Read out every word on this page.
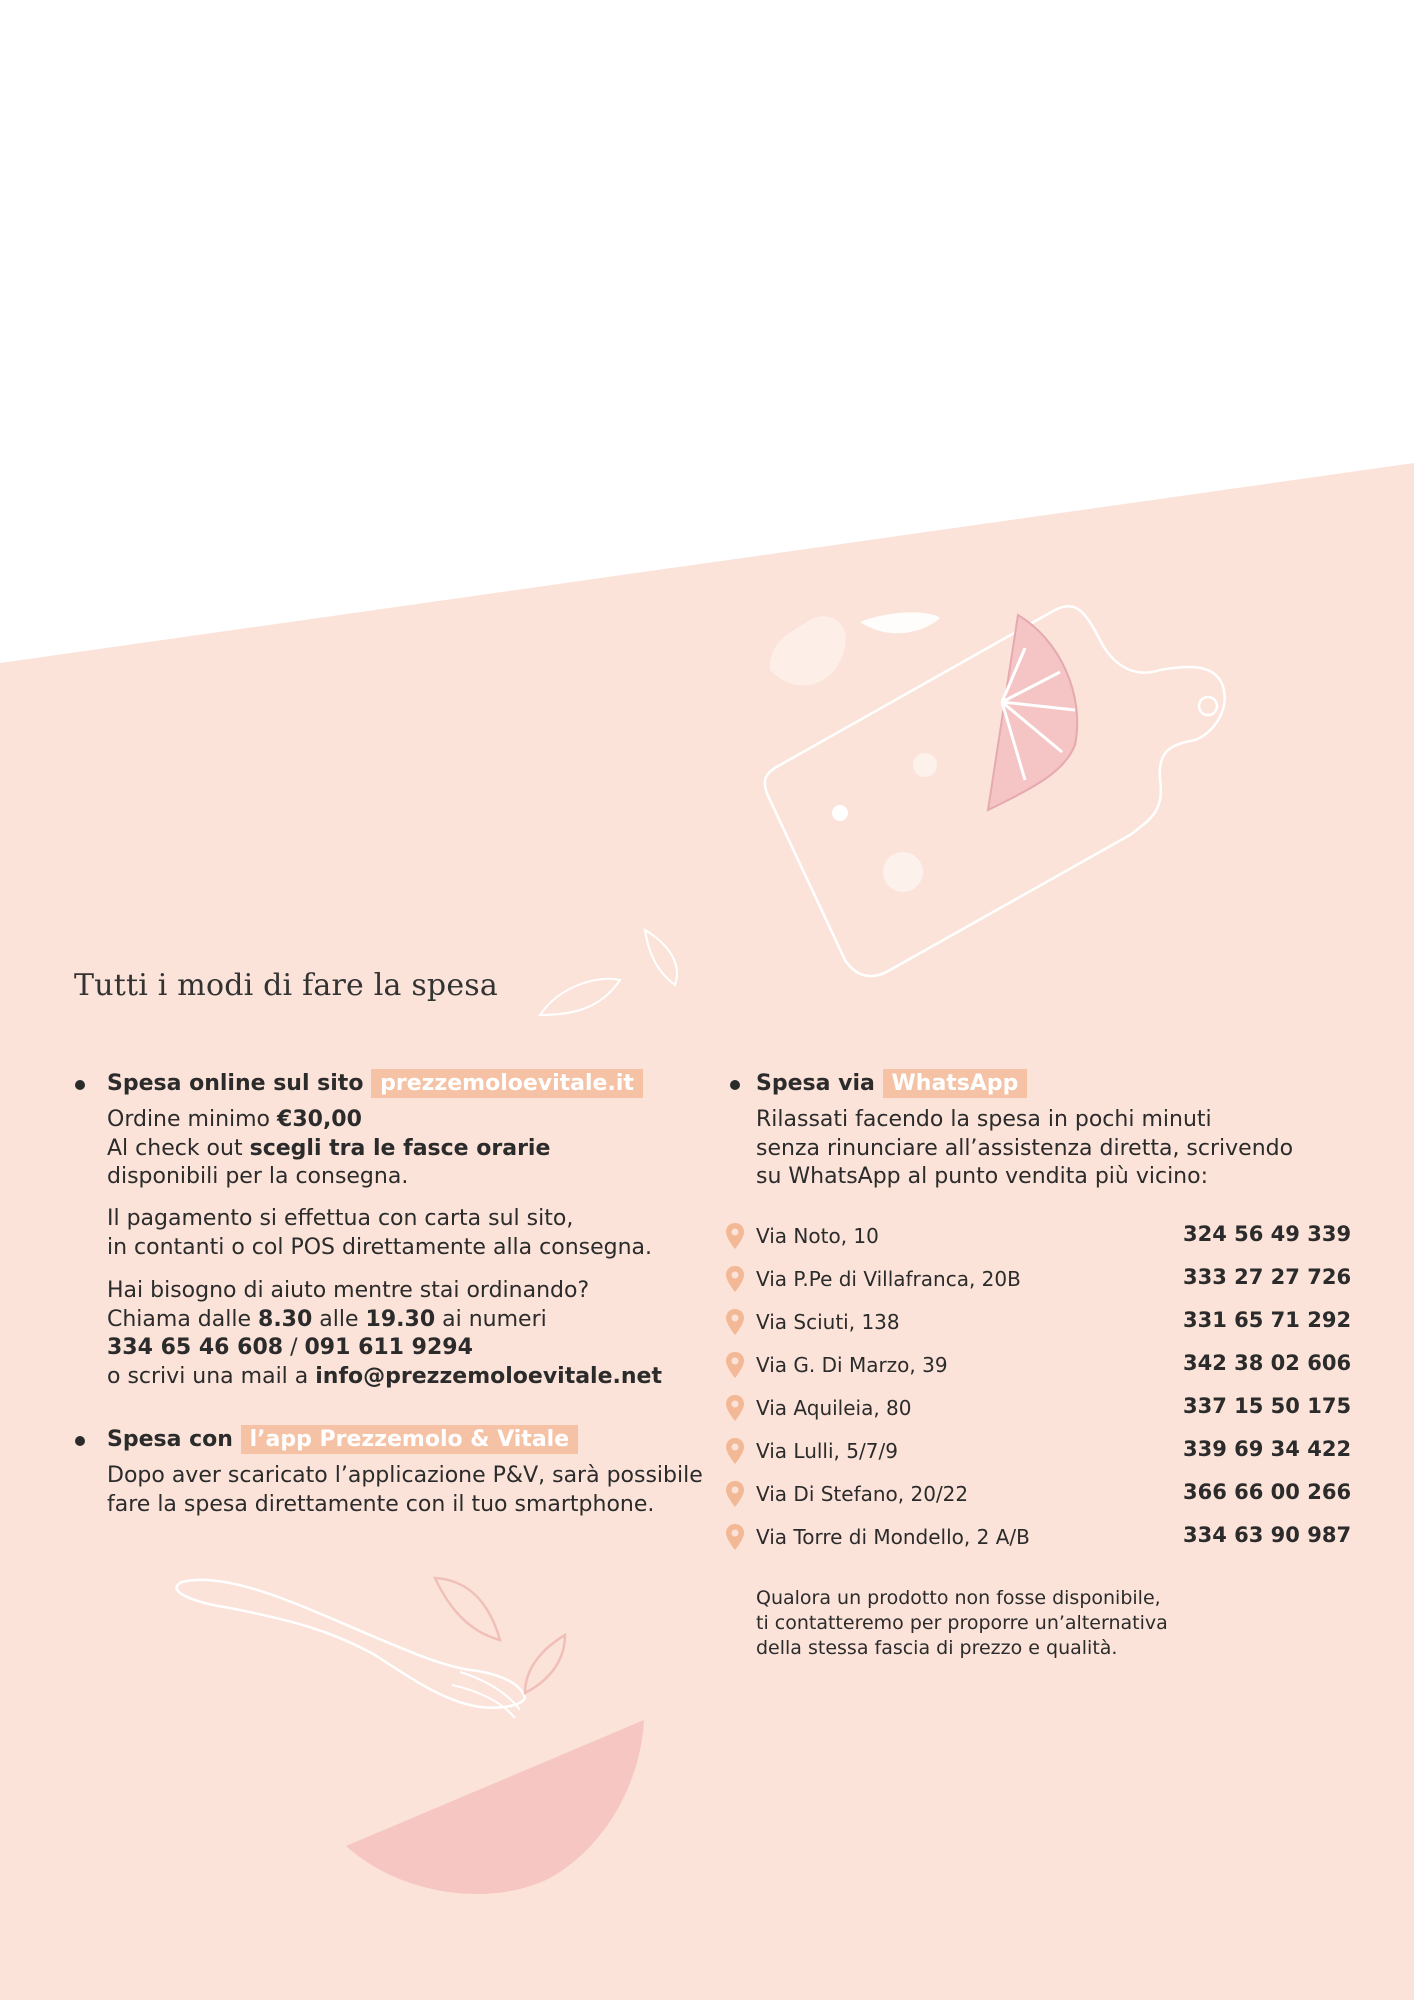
Tutti i modi di fare la spesa
Spesa online sul sito prezzemoloevitale.it
Ordine minimo €30,00
Al check out scegli tra le fasce orarie
disponibili per la consegna.
Il pagamento si effettua con carta sul sito,
in contanti o col POS direttamente alla consegna.
Hai bisogno di aiuto mentre stai ordinando?
Chiama dalle 8.30 alle 19.30 ai numeri
334 65 46 608 / 091 611 9294
o scrivi una mail a info@prezzemoloevitale.net
Spesa con l’app Prezzemolo & Vitale
Dopo aver scaricato l’applicazione P&V, sarà possibile
fare la spesa direttamente con il tuo smartphone.
Spesa via WhatsApp
Rilassati facendo la spesa in pochi minuti
senza rinunciare all’assistenza diretta, scrivendo
su WhatsApp al punto vendita più vicino:
Via Noto, 10	324 56 49 339
Via P.Pe di Villafranca, 20B	333 27 27 726
Via Sciuti, 138	331 65 71 292
Via G. Di Marzo, 39	342 38 02 606
Via Aquileia, 80	337 15 50 175
Via Lulli, 5/7/9	339 69 34 422
Via Di Stefano, 20/22	366 66 00 266
Via Torre di Mondello, 2 A/B	334 63 90 987
Qualora un prodotto non fosse disponibile,
ti contatteremo per proporre un’alternativa
della stessa fascia di prezzo e qualità.
